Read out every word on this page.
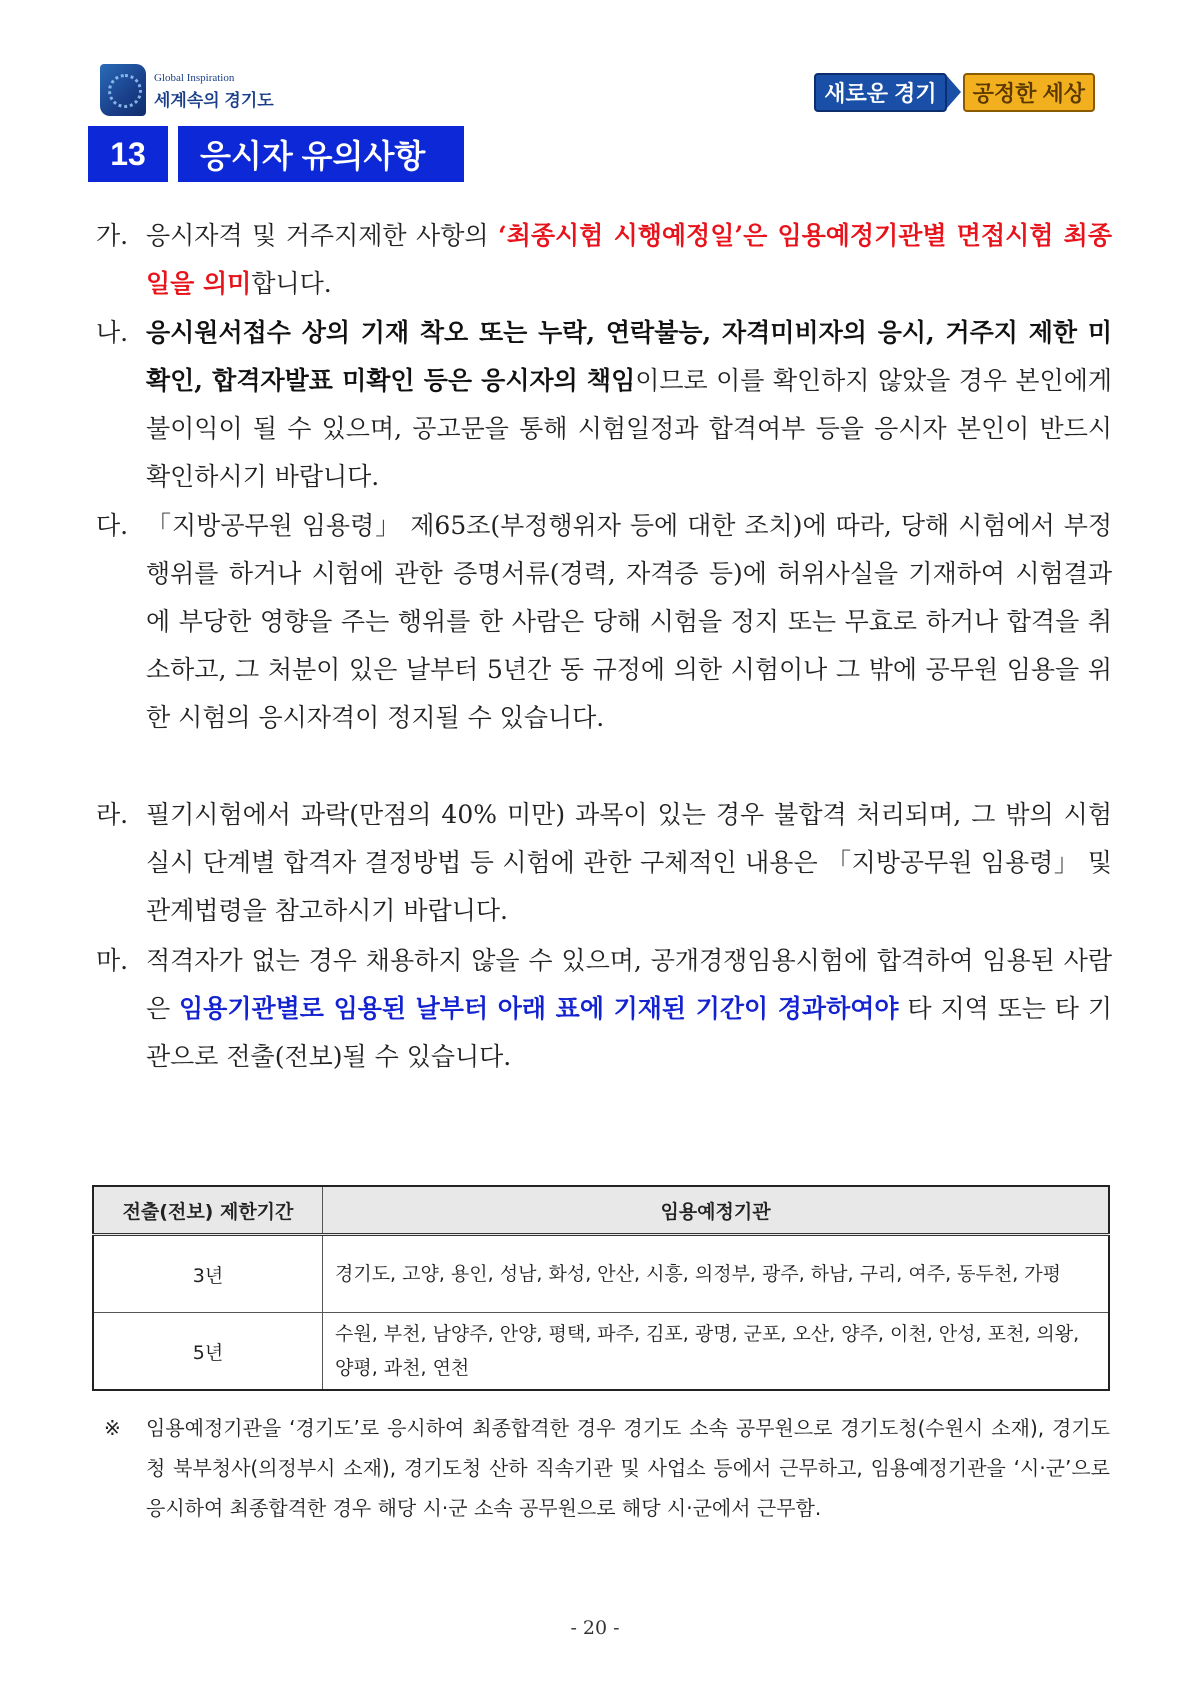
Global Inspiration
세계속의 경기도	새로운 경기	공정한 세상
13	응시자 유의사항
가. 응시자격 및 거주지제한 사항의 ‘최종시험 시행예정일’은 임용예정기관별 면접시험 최종일을 의미합니다.
나. 응시원서접수 상의 기재 착오 또는 누락, 연락불능, 자격미비자의 응시, 거주지 제한 미확인, 합격자발표 미확인 등은 응시자의 책임이므로 이를 확인하지 않았을 경우 본인에게 불이익이 될 수 있으며, 공고문을 통해 시험일정과 합격여부 등을 응시자 본인이 반드시 확인하시기 바랍니다.
다. 「지방공무원 임용령」 제65조(부정행위자 등에 대한 조치)에 따라, 당해 시험에서 부정행위를 하거나 시험에 관한 증명서류(경력, 자격증 등)에 허위사실을 기재하여 시험결과에 부당한 영향을 주는 행위를 한 사람은 당해 시험을 정지 또는 무효로 하거나 합격을 취소하고, 그 처분이 있은 날부터 5년간 동 규정에 의한 시험이나 그 밖에 공무원 임용을 위한 시험의 응시자격이 정지될 수 있습니다.
라. 필기시험에서 과락(만점의 40% 미만) 과목이 있는 경우 불합격 처리되며, 그 밖의 시험 실시 단계별 합격자 결정방법 등 시험에 관한 구체적인 내용은 「지방공무원 임용령」 및 관계법령을 참고하시기 바랍니다.
마. 적격자가 없는 경우 채용하지 않을 수 있으며, 공개경쟁임용시험에 합격하여 임용된 사람은 임용기관별로 임용된 날부터 아래 표에 기재된 기간이 경과하여야 타 지역 또는 타 기관으로 전출(전보)될 수 있습니다.
전출(전보) 제한기간	임용예정기관
3년	경기도, 고양, 용인, 성남, 화성, 안산, 시흥, 의정부, 광주, 하남, 구리, 여주, 동두천, 가평
5년	수원, 부천, 남양주, 안양, 평택, 파주, 김포, 광명, 군포, 오산, 양주, 이천, 안성, 포천, 의왕, 양평, 과천, 연천
※ 임용예정기관을 ‘경기도’로 응시하여 최종합격한 경우 경기도 소속 공무원으로 경기도청(수원시 소재), 경기도청 북부청사(의정부시 소재), 경기도청 산하 직속기관 및 사업소 등에서 근무하고, 임용예정기관을 ‘시·군’으로 응시하여 최종합격한 경우 해당 시·군 소속 공무원으로 해당 시·군에서 근무함.
- 20 -
